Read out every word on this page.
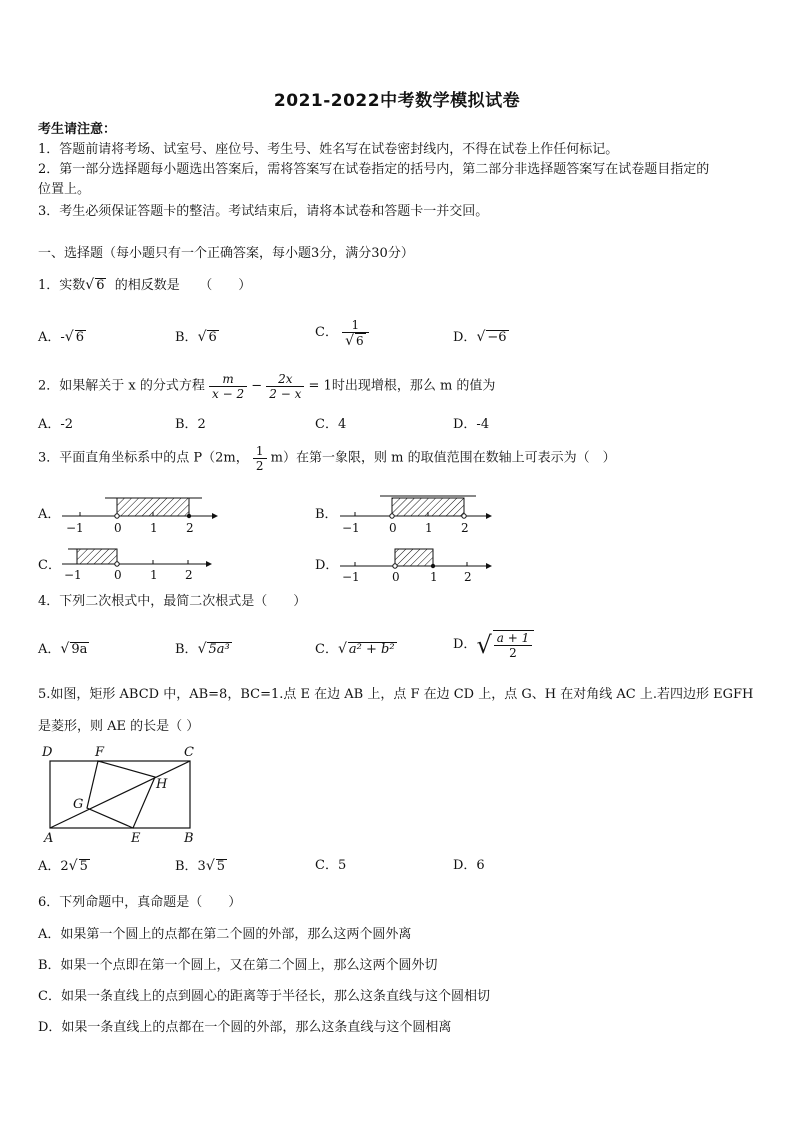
2021-2022中考数学模拟试卷
考生请注意：
1．答题前请将考场、试室号、座位号、考生号、姓名写在试卷密封线内，不得在试卷上作任何标记。
2．第一部分选择题每小题选出答案后，需将答案写在试卷指定的括号内，第二部分非选择题答案写在试卷题目指定的
位置上。
3．考生必须保证答题卡的整洁。考试结束后，请将本试卷和答题卡一并交回。
一、选择题（每小题只有一个正确答案，每小题3分，满分30分）
1．实数√ 6 的相反数是　　（　　）
A．-√ 6	B．√ 6	C． $\frac{1}{√ 6}$	D．√ −6
2．如果解关于 x 的分式方程 $\frac{m}{x - 2} - \frac{2x}{2 - x} = 1$时出现增根，那么 m 的值为
A．-2	B．2	C．4	D．-4
3．平面直角坐标系中的点 P（2m， $\frac{1}{2} m$）在第一象限，则 m 的取值范围在数轴上可表示为（　）
A．	B．
C．	D．
−1	0 1 2	−1 0 1 2
−1	0 1 2	−1	0	1 2
4．下列二次根式中，最简二次根式是（　　）
A．√ 9a	B．√ 5a³	C．√ a² + b²	D．√ $\frac{a + 1}{2}$
5.如图，矩形 ABCD 中，AB=8，BC=1.点 E 在边 AB 上，点 F 在边 CD 上，点 G、H 在对角线 AC 上.若四边形 EGFH
是菱形，则 AE 的长是（ ）
D	F	C
G
H
A	E	B
A．2√ 5	B．3√ 5	C．5	D．6
6．下列命题中，真命题是（　　）
A．如果第一个圆上的点都在第二个圆的外部，那么这两个圆外离
B．如果一个点即在第一个圆上，又在第二个圆上，那么这两个圆外切
C．如果一条直线上的点到圆心的距离等于半径长，那么这条直线与这个圆相切
D．如果一条直线上的点都在一个圆的外部，那么这条直线与这个圆相离
